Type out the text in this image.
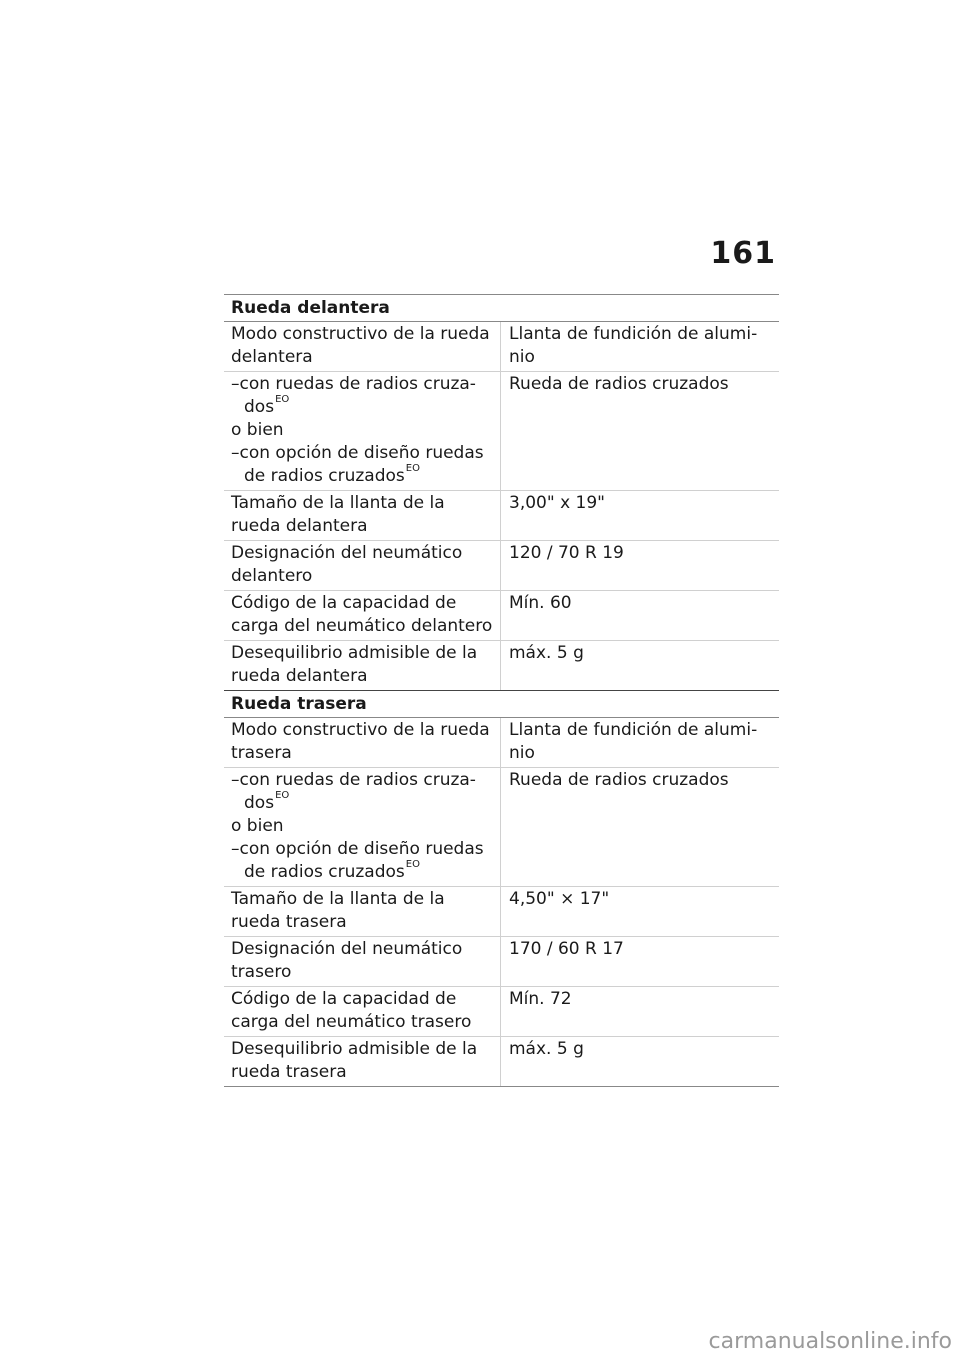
161
Rueda delantera
Modo constructivo de la rueda
delantera
Llanta de fundición de alumi-
nio
–con ruedas de radios cruza-
dos$^{EO}$
o bien
–con opción de diseño ruedas
de radios cruzados$^{EO}$
Rueda de radios cruzados
Tamaño de la llanta de la
rueda delantera
3,00" x 19"
Designación del neumático
delantero
120 / 70 R 19
Código de la capacidad de
carga del neumático delantero
Mín. 60
Desequilibrio admisible de la
rueda delantera
máx. 5 g
Rueda trasera
Modo constructivo de la rueda
trasera
Llanta de fundición de alumi-
nio
–con ruedas de radios cruza-
dos$^{EO}$
o bien
–con opción de diseño ruedas
de radios cruzados$^{EO}$
Rueda de radios cruzados
Tamaño de la llanta de la
rueda trasera
4,50" × 17"
Designación del neumático
trasero
170 / 60 R 17
Código de la capacidad de
carga del neumático trasero
Mín. 72
Desequilibrio admisible de la
rueda trasera
máx. 5 g
carmanualsonline.info
